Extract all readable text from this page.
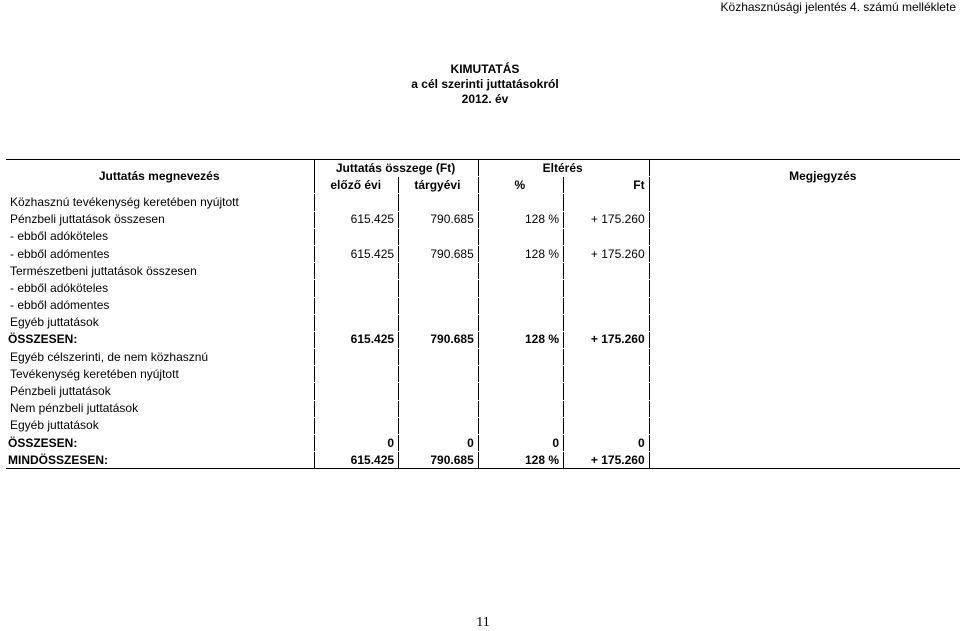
Közhasznúsági jelentés 4. számú melléklete
KIMUTATÁS
a cél szerinti juttatásokról
2012. év
Juttatás megnevezés	Juttatás összege (Ft)		Eltérés		Megjegyzés
	előző évi	tárgyévi	%	Ft	
Közhasznú tevékenység keretében nyújtott					
Pénzbeli juttatások összesen	615.425	790.685	128 %	+ 175.260	
- ebből adóköteles					
- ebből adómentes	615.425	790.685	128 %	+ 175.260	
Természetbeni juttatások összesen					
- ebből adóköteles					
- ebből adómentes					
Egyéb juttatások					
ÖSSZESEN:	615.425	790.685	128 %	+ 175.260	
Egyéb célszerinti, de nem közhasznú					
Tevékenység keretében nyújtott					
Pénzbeli juttatások					
Nem pénzbeli juttatások					
Egyéb juttatások					
ÖSSZESEN:	0	0	0	0	
MINDÖSSZESEN:	615.425	790.685	128 %	+ 175.260	
11
